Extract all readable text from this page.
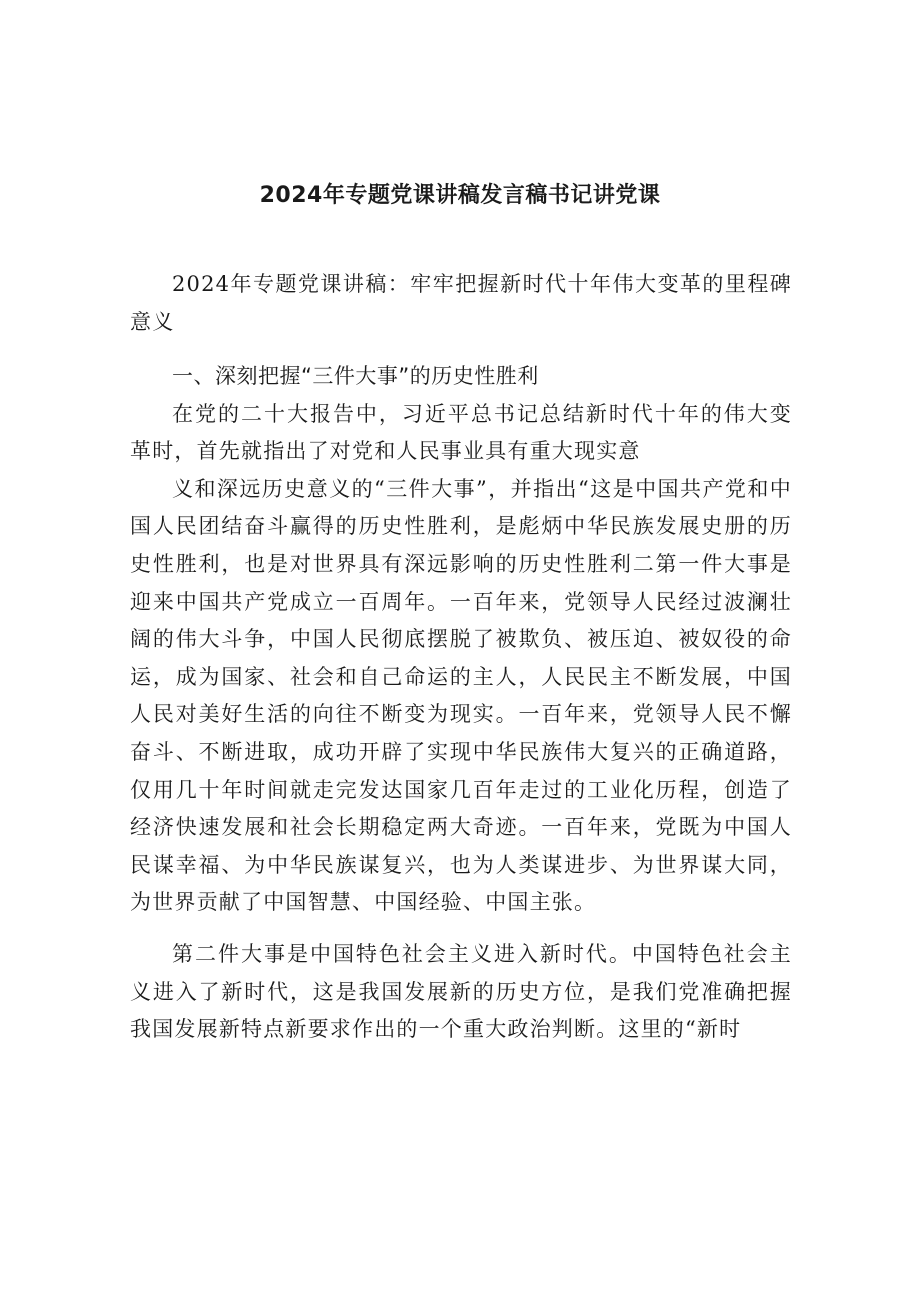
2024年专题党课讲稿发言稿书记讲党课

2024年专题党课讲稿：牢牢把握新时代十年伟大变革的里程碑意义

一、深刻把握“三件大事”的历史性胜利

在党的二十大报告中，习近平总书记总结新时代十年的伟大变革时，首先就指出了对党和人民事业具有重大现实意

义和深远历史意义的“三件大事”，并指出“这是中国共产党和中国人民团结奋斗赢得的历史性胜利，是彪炳中华民族发展史册的历史性胜利，也是对世界具有深远影响的历史性胜利二第一件大事是迎来中国共产党成立一百周年。一百年来，党领导人民经过波澜壮阔的伟大斗争，中国人民彻底摆脱了被欺负、被压迫、被奴役的命运，成为国家、社会和自己命运的主人，人民民主不断发展，中国人民对美好生活的向往不断变为现实。一百年来，党领导人民不懈奋斗、不断进取，成功开辟了实现中华民族伟大复兴的正确道路，仅用几十年时间就走完发达国家几百年走过的工业化历程，创造了经济快速发展和社会长期稳定两大奇迹。一百年来，党既为中国人民谋幸福、为中华民族谋复兴，也为人类谋进步、为世界谋大同，为世界贡献了中国智慧、中国经验、中国主张。

第二件大事是中国特色社会主义进入新时代。中国特色社会主义进入了新时代，这是我国发展新的历史方位，是我们党准确把握我国发展新特点新要求作出的一个重大政治判断。这里的“新时
